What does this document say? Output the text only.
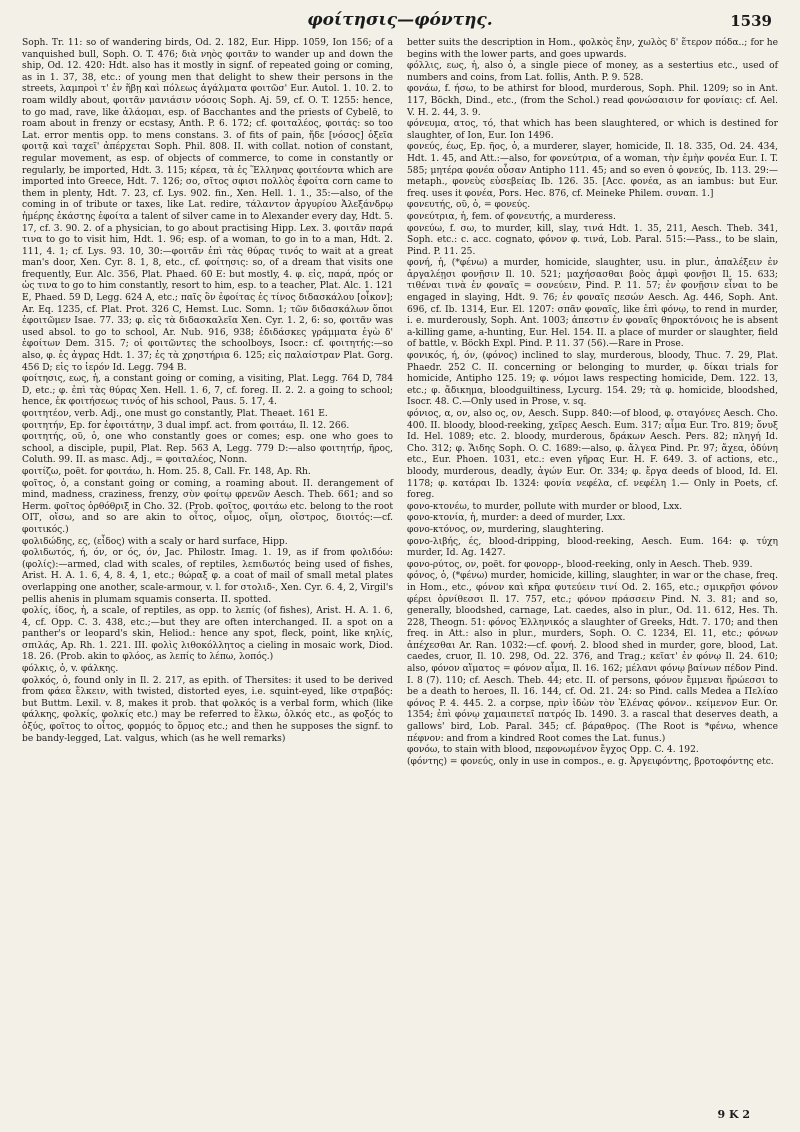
φοίτησις—φόντης.	1539

Soph. Tr. 11: so of wandering birds, Od. 2. 182, Eur. Hipp. 1059, Ion 156; of a vanquished bull, Soph. O. T. 476; διὰ νηὸς φοιτᾶν to wander up and down the ship, Od. 12. 420: Hdt. also has it mostly in signf. of repeated going or coming, as in 1. 37, 38, etc.: of young men that delight to shew their persons in the streets, λαμπροὶ τ' ἐν ἥβῃ καὶ πόλεως ἀγάλματα φοιτῶσ' Eur. Autol. 1. 10. 2. to roam wildly about, φοιτᾶν μανιάσιν νόσοις Soph. Aj. 59, cf. O. T. 1255: hence, to go mad, rave, like ἀλάομαι, esp. of Bacchantes and the priests of Cybelē, to roam about in frenzy or ecstasy, Anth. P. 6. 172; cf. φοιταλέος, φοιτάς: so too Lat. error mentis opp. to mens constans. 3. of fits of pain, ἤδε [νόσος] ὀξεῖα φοιτᾷ καὶ ταχεῖ' ἀπέρχεται Soph. Phil. 808. II. with collat. notion of constant, regular movement, as esp. of objects of commerce, to come in constantly or regularly, be imported, Hdt. 3. 115; κέρεα, τὰ ἐς Ἕλληνας φοιτέοντα which are imported into Greece, Hdt. 7. 126; σο, σῖτος σφισι πολλὸς ἐφοίτα corn came to them in plenty, Hdt. 7. 23, cf. Lys. 902. fin., Xen. Hell. 1. 1., 35:—also, of the coming in of tribute or taxes, like Lat. redire, τάλαντον ἀργυρίου Ἀλεξάνδρῳ ἡμέρης ἑκάστης ἐφοίτα a talent of silver came in to Alexander every day, Hdt. 5. 17, cf. 3. 90. 2. of a physician, to go about practising Hipp. Lex. 3. φοιτᾶν παρά τινα to go to visit him, Hdt. 1. 96; esp. of a woman, to go in to a man, Hdt. 2. 111, 4. 1; cf. Lys. 93. 10, 30:—φοιτᾶν ἐπὶ τὰς θύρας τινός to wait at a great man's door, Xen. Cyr. 8. 1, 8, etc., cf. φοίτησις: so, of a dream that visits one frequently, Eur. Alc. 356, Plat. Phaed. 60 E: but mostly, 4. φ. εἰς, παρά, πρός or ὡς τινα to go to him constantly, resort to him, esp. to a teacher, Plat. Alc. 1. 121 E, Phaed. 59 D, Legg. 624 A, etc.; παῖς ὃν ἐφοίτας ἐς τίνος διδασκάλου [οἶκον]; Ar. Eq. 1235, cf. Plat. Prot. 326 C, Hemst. Luc. Somn. 1; τῶν διδασκάλων ὅποι ἐφοιτῶμεν Isae. 77. 33; φ. εἰς τὰ διδασκαλεῖα Xen. Cyr. 1. 2, 6: so, φοιτᾶν was used absol. to go to school, Ar. Nub. 916, 938; ἐδιδάσκες γράμματα ἐγὼ δ' ἐφοίτων Dem. 315. 7; οἱ φοιτῶντες the schoolboys, Isocr.: cf. φοιτητής:—so also, φ. ἐς ἀγρας Hdt. 1. 37; ἐς τὰ χρηστήρια 6. 125; εἰς παλαίστραν Plat. Gorg. 456 D; εἰς το ἱερόν Id. Legg. 794 B.

φοίτησις, εως, ἡ, a constant going or coming, a visiting, Plat. Legg. 764 D, 784 D, etc.; φ. ἐπὶ τὰς θύρας Xen. Hell. 1. 6, 7, cf. foreg. II. 2. 2. a going to school; hence, ἐκ φοιτήσεως τινός of his school, Paus. 5. 17, 4.

φοιτητέον, verb. Adj., one must go constantly, Plat. Theaet. 161 E.

φοιτητήν, Ep. for ἐφοιτάτην, 3 dual impf. act. from φοιτάω, Il. 12. 266.

φοιτητής, οῦ, ὁ, one who constantly goes or comes; esp. one who goes to school, a disciple, pupil, Plat. Rep. 563 A, Legg. 779 D:—also φοιτητήρ, ῆρος, Coluth. 99. II. as masc. Adj., = φοιταλέος, Nonn.

φοιτίζω, poët. for φοιτάω, h. Hom. 25. 8, Call. Fr. 148, Ap. Rh.

φοῖτος, ὁ, a constant going or coming, a roaming about. II. derangement of mind, madness, craziness, frenzy, σὺν φοίτῳ φρενῶν Aesch. Theb. 661; and so Herm. φοῖτος ὀρθόθριξ in Cho. 32. (Prob. φοῖτος, φοιτάω etc. belong to the root ΟΙΤ, οἴσω, and so are akin to οἶτος, οἶμος, οἴμη, οἴστρος, διοιτός:—cf. φοιτικός.)

φολιδώδης, ες, (εἶδος) with a scaly or hard surface, Hipp.

φολιδωτός, ή, όν, or ός, όν, Jac. Philostr. Imag. 1. 19, as if from φολιδόω: (φολίς):—armed, clad with scales, of reptiles, λεπιδωτός being used of fishes, Arist. H. A. 1. 6, 4, 8. 4, 1, etc.; θώραξ φ. a coat of mail of small metal plates overlapping one another, scale-armour, v. l. for στολιδ-, Xen. Cyr. 6. 4, 2, Virgil's pellis ahenis in plumam squamis conserta. II. spotted.

φολίς, ίδος, ἡ, a scale, of reptiles, as opp. to λεπίς (of fishes), Arist. H. A. 1. 6, 4, cf. Opp. C. 3. 438, etc.;—but they are often interchanged. II. a spot on a panther's or leopard's skin, Heliod.: hence any spot, fleck, point, like κηλίς, σπιλάς, Ap. Rh. 1. 221. III. φολὶς λιθοκόλλητος a cieling in mosaic work, Diod. 18. 26. (Prob. akin to φλόος, as λεπίς to λέπω, λοπός.)

φόλκις, ὁ, v. φάλκης.

φολκός, ὁ, found only in Il. 2. 217, as epith. of Thersites: it used to be derived from φάεα ἕλκειν, with twisted, distorted eyes, i.e. squint-eyed, like στραβός: but Buttm. Lexil. v. 8, makes it prob. that φολκός is a verbal form, which (like φάλκης, φολκίς, φολκίς etc.) may be referred to ἕλκω, ὁλκός etc., as φοξός to ὀξύς, φοῖτος to οἶτος, φορμός to ὅρμος etc.; and then he supposes the signf. to be bandy-legged, Lat. valgus, which (as he well remarks)

better suits the description in Hom., φολκὸς ἔην, χωλὸς δ' ἕτερον πόδα..; for he begins with the lower parts, and goes upwards.

φόλλις, εως, ἡ, also ὁ, a single piece of money, as a sestertius etc., used of numbers and coins, from Lat. follis, Anth. P. 9. 528.

φονάω, f. ήσω, to be athirst for blood, murderous, Soph. Phil. 1209; so in Ant. 117, Böckh, Dind., etc., (from the Schol.) read φονώσαισιν for φονίαις: cf. Ael. V. H. 2. 44, 3. 9.

φόνευμα, ατος, τό, that which has been slaughtered, or which is destined for slaughter, of Ion, Eur. Ion 1496.

φονεύς, έως, Ep. ῆος, ὁ, a murderer, slayer, homicide, Il. 18. 335, Od. 24. 434, Hdt. 1. 45, and Att.:—also, for φονεύτρια, of a woman, τὴν ἐμὴν φονέα Eur. I. T. 585; μητέρα φονέα οὖσαν Antipho 111. 45; and so even ὁ φονεύς, Ib. 113. 29:—metaph., φονεὺς εὐσεβείας Ib. 126. 35. [Acc. φονέα, as an iambus: but Eur. freq. uses it φονέα, Pors. Hec. 876, cf. Meineke Philem. συναπ. 1.]

φονευτής, οῦ, ὁ, = φονεύς.

φονεύτρια, ἡ, fem. of φονευτής, a murderess.

φονεύω, f. σω, to murder, kill, slay, τινά Hdt. 1. 35, 211, Aesch. Theb. 341, Soph. etc.: c. acc. cognato, φόνον φ. τινά, Lob. Paral. 515:—Pass., to be slain, Pind. P. 11. 25.

φονή, ἡ, (*φένω) a murder, homicide, slaughter, usu. in plur., ἀπαλέξειν ἐν ἀργαλέῃσι φονῇσιν Il. 10. 521; μαχήσασθαι βοὸς ἀμφὶ φονῇσι Il. 15. 633; τιθέναι τινὰ ἐν φοναῖς = σονεύειν, Pind. P. 11. 57; ἐν φονῇσιν εἶναι to be engaged in slaying, Hdt. 9. 76; ἐν φοναῖς πεσών Aesch. Ag. 446, Soph. Ant. 696, cf. Ib. 1314, Eur. El. 1207: σπᾶν φοναῖς, like ἐπὶ φόνῳ, to rend in murder, i. e. murderously, Soph. Ant. 1003; ἀπεστιν ἐν φοναῖς θηροκτόνοις he is absent a-killing game, a-hunting, Eur. Hel. 154. II. a place of murder or slaughter, field of battle, v. Böckh Expl. Pind. P. 11. 37 (56).—Rare in Prose.

φονικός, ή, όν, (φόνος) inclined to slay, murderous, bloody, Thuc. 7. 29, Plat. Phaedr. 252 C. II. concerning or belonging to murder, φ. δίκαι trials for homicide, Antipho 125. 19; φ. νόμοι laws respecting homicide, Dem. 122. 13, etc.; φ. ἄδικημα, bloodguiltiness, Lycurg. 154. 29; τὰ φ. homicide, bloodshed, Isocr. 48. C.—Only used in Prose, v. sq.

φόνιος, α, ον, also ος, ον, Aesch. Supp. 840:—of blood, φ. σταγόνες Aesch. Cho. 400. II. bloody, blood-reeking, χεῖρες Aesch. Eum. 317; αἷμα Eur. Tro. 819; ὄνυξ Id. Hel. 1089; etc. 2. bloody, murderous, δράκων Aesch. Pers. 82; πληγή Id. Cho. 312; φ. Ἅιδης Soph. O. C. 1689:—also, φ. ἄλγεα Pind. Pr. 97; ἄχεα, ὀδύνη etc., Eur. Phoen. 1031, etc.: even γῆρας Eur. H. F. 649. 3. of actions, etc., bloody, murderous, deadly, ἀγών Eur. Or. 334; φ. ἔργα deeds of blood, Id. El. 1178; φ. κατάραι Ib. 1324: φονία νεφέλα, cf. νεφέλη 1.— Only in Poets, cf. foreg.

φονο-κτονέω, to murder, pollute with murder or blood, Lxx.

φονο-κτονία, ἡ, murder: a deed of murder, Lxx.

φονο-κτόνος, ον, murdering, slaughtering.

φονο-λιβής, ές, blood-dripping, blood-reeking, Aesch. Eum. 164: φ. τύχη murder, Id. Ag. 1427.

φονο-ρύτος, ον, poët. for φονορρ-, blood-reeking, only in Aesch. Theb. 939.

φόνος, ὁ, (*φένω) murder, homicide, killing, slaughter, in war or the chase, freq. in Hom., etc., φόνον καὶ κῆρα φυτεύειν τινί Od. 2. 165, etc.; σμικρῆσι φόνον φέρει ὀρνίθεσσι Il. 17. 757, etc.; φόνον πράσσειν Pind. N. 3. 81; and so, generally, bloodshed, carnage, Lat. caedes, also in plur., Od. 11. 612, Hes. Th. 228, Theogn. 51: φόνος Ἑλληνικός a slaughter of Greeks, Hdt. 7. 170; and then freq. in Att.: also in plur., murders, Soph. O. C. 1234, El. 11, etc.; φόνων ἀπέχεσθαι Ar. Ran. 1032:—cf. φονή. 2. blood shed in murder, gore, blood, Lat. caedes, cruor, Il. 10. 298, Od. 22. 376, and Trag.; κεῖατ' ἐν φόνῳ Il. 24. 610; also, φόνον αἵματος = φόνον αἷμα, Il. 16. 162; μέλανι φόνῳ βαίνων πέδον Pind. I. 8 (7). 110; cf. Aesch. Theb. 44; etc. II. of persons, φόνον ἔμμεναι ἥρώεσσι to be a death to heroes, Il. 16. 144, cf. Od. 21. 24: so Pind. calls Medea a Πελίαο φόνος P. 4. 445. 2. a corpse, πρὶν ἰδὼν τὸν Ἑλένας φόνον.. κείμενον Eur. Or. 1354; ἐπὶ φόνῳ χαμαιπετεῖ πατρός Ib. 1490. 3. a rascal that deserves death, a gallows' bird, Lob. Paral. 345; cf. βάραθρος. (The Root is *φένω, whence πέφνον: and from a kindred Root comes the Lat. funus.)

φονόω, to stain with blood, πεφονωμένον ἔγχος Opp. C. 4. 192.

(φόντης) = φονεύς, only in use in compos., e. g. Ἀργειφόντης, βροτοφόντης etc.

9 K 2
